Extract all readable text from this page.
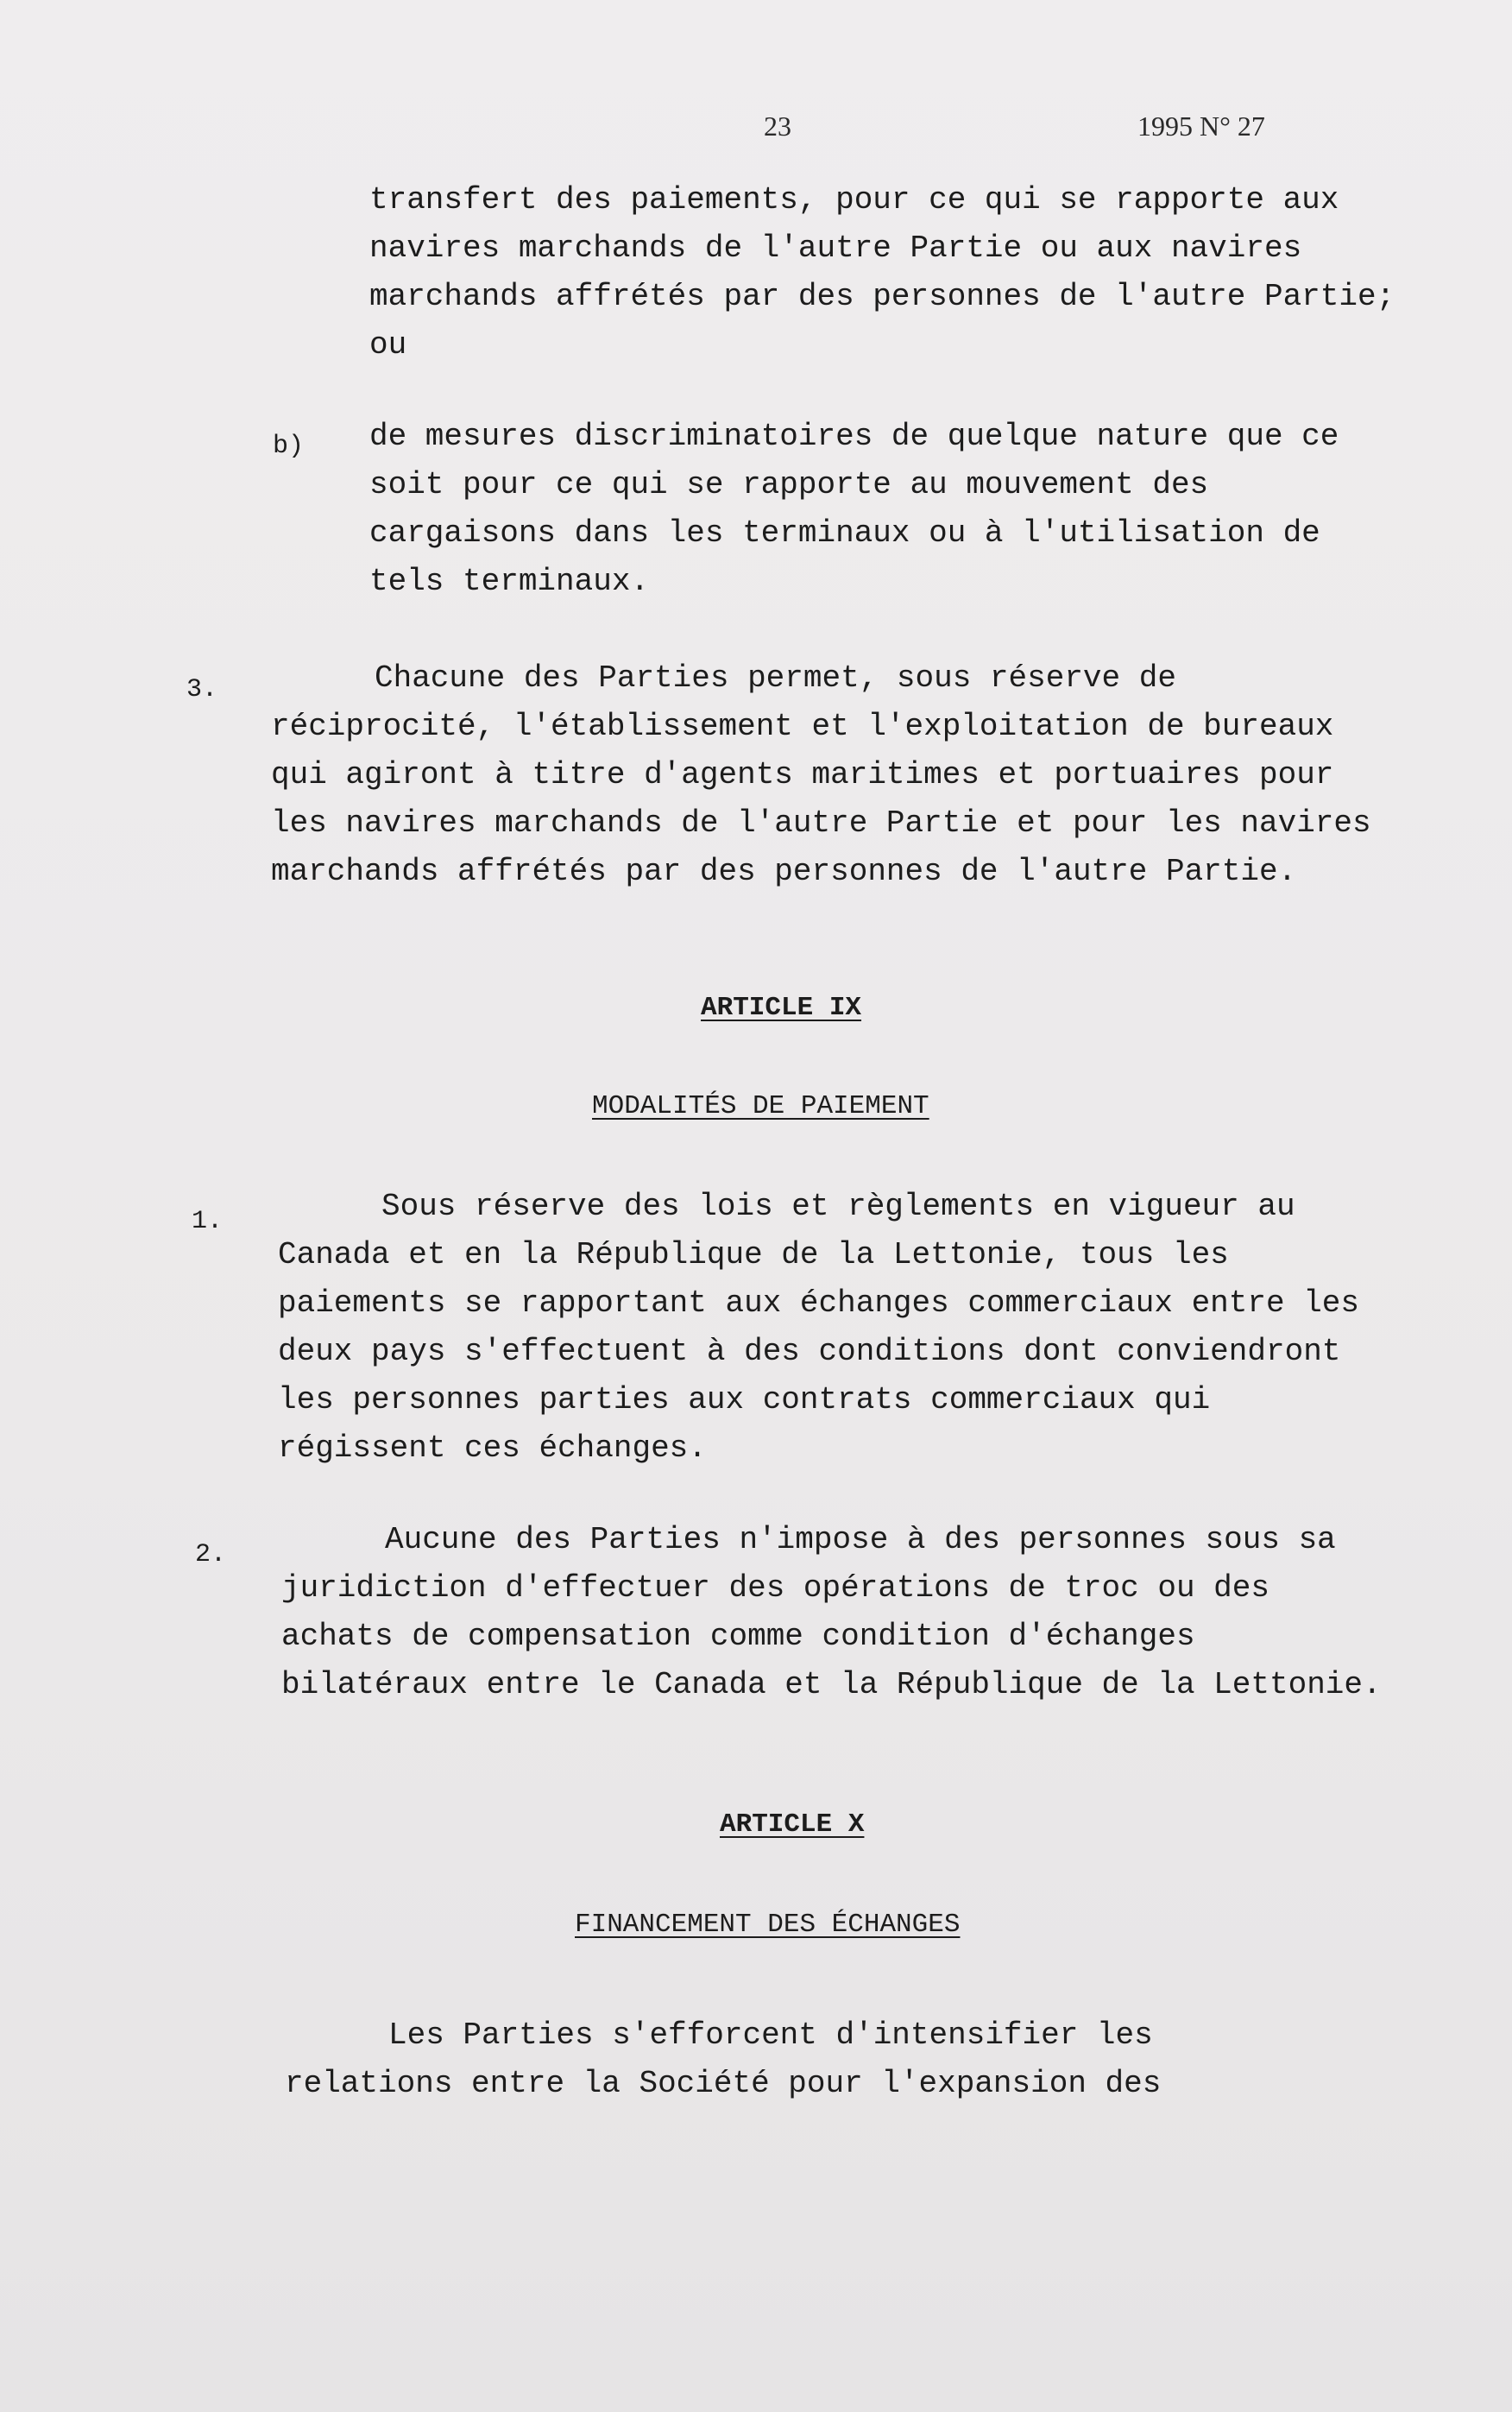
23	1995 N° 27
transfert des paiements, pour ce qui se rapporte aux navires marchands de l'autre Partie ou aux navires marchands affrétés par des personnes de l'autre Partie; ou
b) de mesures discriminatoires de quelque nature que ce soit pour ce qui se rapporte au mouvement des cargaisons dans les terminaux ou à l'utilisation de tels terminaux.
3.	Chacune des Parties permet, sous réserve de réciprocité, l'établissement et l'exploitation de bureaux qui agiront à titre d'agents maritimes et portuaires pour les navires marchands de l'autre Partie et pour les navires marchands affrétés par des personnes de l'autre Partie.
ARTICLE IX
MODALITÉS DE PAIEMENT
1.	Sous réserve des lois et règlements en vigueur au Canada et en la République de la Lettonie, tous les paiements se rapportant aux échanges commerciaux entre les deux pays s'effectuent à des conditions dont conviendront les personnes parties aux contrats commerciaux qui régissent ces échanges.
2.	Aucune des Parties n'impose à des personnes sous sa juridiction d'effectuer des opérations de troc ou des achats de compensation comme condition d'échanges bilatéraux entre le Canada et la République de la Lettonie.
ARTICLE X
FINANCEMENT DES ÉCHANGES
Les Parties s'efforcent d'intensifier les relations entre la Société pour l'expansion des
